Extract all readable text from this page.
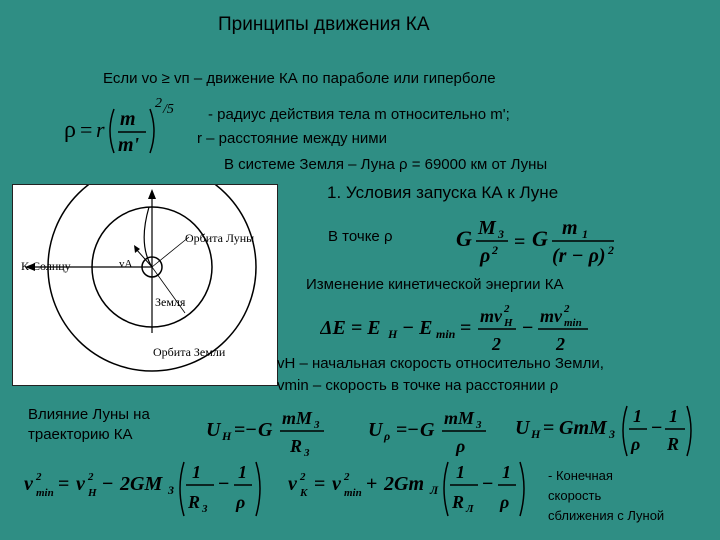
Принципы движения КА
Если vo ≥ vп – движение КА по параболе или гиперболе
ρ = r m
m'
2 /5 - радиус действия тела m относительно m';
r – расстояние между ними
В системе Земля – Луна ρ = 69000 км от Луны
1. Условия запуска КА к Луне
К Солнцу
Орбита Луны
Земля
Орбита Земли
vA
В точке ρ	G M 3
ρ 2 = G m 1
(r − ρ) 2
Изменение кинетической энергии КА
ΔE = E H − E min =
mv 2
H
2
−
mv 2
min
2
vH – начальная скорость относительно Земли,
vmin – скорость в точке на расстоянии ρ
Влияние Луны на
траекторию КА	U H =− G
mM 3
R 3
U ρ =− G
mM 3
ρ
U H = GmM 3
1
ρ
−
1
R
v 2
min = v 2
H − 2GM 3
1
R 3
−
1
ρ
v 2
K = v 2
min + 2Gm Л
1
R Л
−
1
ρ
- Конечная
скорость
сближения с Луной
